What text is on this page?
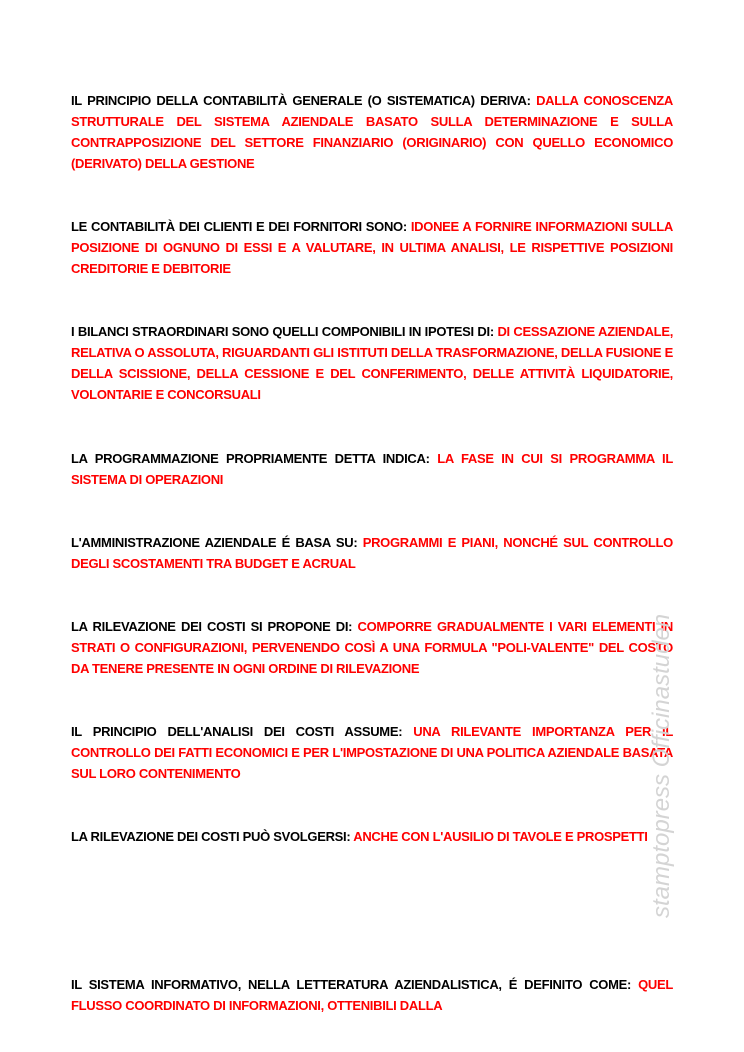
IL PRINCIPIO DELLA CONTABILITÀ GENERALE (O SISTEMATICA) DERIVA: DALLA CONOSCENZA STRUTTURALE DEL SISTEMA AZIENDALE BASATO SULLA DETERMINAZIONE E SULLA CONTRAPPOSIZIONE DEL SETTORE FINANZIARIO (ORIGINARIO) CON QUELLO ECONOMICO (DERIVATO) DELLA GESTIONE

LE CONTABILITÀ DEI CLIENTI E DEI FORNITORI SONO: IDONEE A FORNIRE INFORMAZIONI SULLA POSIZIONE DI OGNUNO DI ESSI E A VALUTARE, IN ULTIMA ANALISI, LE RISPETTIVE POSIZIONI CREDITORIE E DEBITORIE

I BILANCI STRAORDINARI SONO QUELLI COMPONIBILI IN IPOTESI DI: DI CESSAZIONE AZIENDALE, RELATIVA O ASSOLUTA, RIGUARDANTI GLI ISTITUTI DELLA TRASFORMAZIONE, DELLA FUSIONE E DELLA SCISSIONE, DELLA CESSIONE E DEL CONFERIMENTO, DELLE ATTIVITÀ LIQUIDATORIE, VOLONTARIE E CONCORSUALI

LA PROGRAMMAZIONE PROPRIAMENTE DETTA INDICA: LA FASE IN CUI SI PROGRAMMA IL SISTEMA DI OPERAZIONI

L'AMMINISTRAZIONE AZIENDALE É BASA SU: PROGRAMMI E PIANI, NONCHÉ SUL CONTROLLO DEGLI SCOSTAMENTI TRA BUDGET E ACRUAL

LA RILEVAZIONE DEI COSTI SI PROPONE DI: COMPORRE GRADUALMENTE I VARI ELEMENTI IN STRATI O CONFIGURAZIONI, PERVENENDO COSÌ A UNA FORMULA "POLI-VALENTE" DEL COSTO DA TENERE PRESENTE IN OGNI ORDINE DI RILEVAZIONE

IL PRINCIPIO DELL'ANALISI DEI COSTI ASSUME: UNA RILEVANTE IMPORTANZA PER IL CONTROLLO DEI FATTI ECONOMICI E PER L'IMPOSTAZIONE DI UNA POLITICA AZIENDALE BASATA SUL LORO CONTENIMENTO

LA RILEVAZIONE DEI COSTI PUÒ SVOLGERSI: ANCHE CON L'AUSILIO DI TAVOLE E PROSPETTI

IL SISTEMA INFORMATIVO, NELLA LETTERATURA AZIENDALISTICA, É DEFINITO COME: QUEL FLUSSO COORDINATO DI INFORMAZIONI, OTTENIBILI DALLA

stamptopress Officinastuden
